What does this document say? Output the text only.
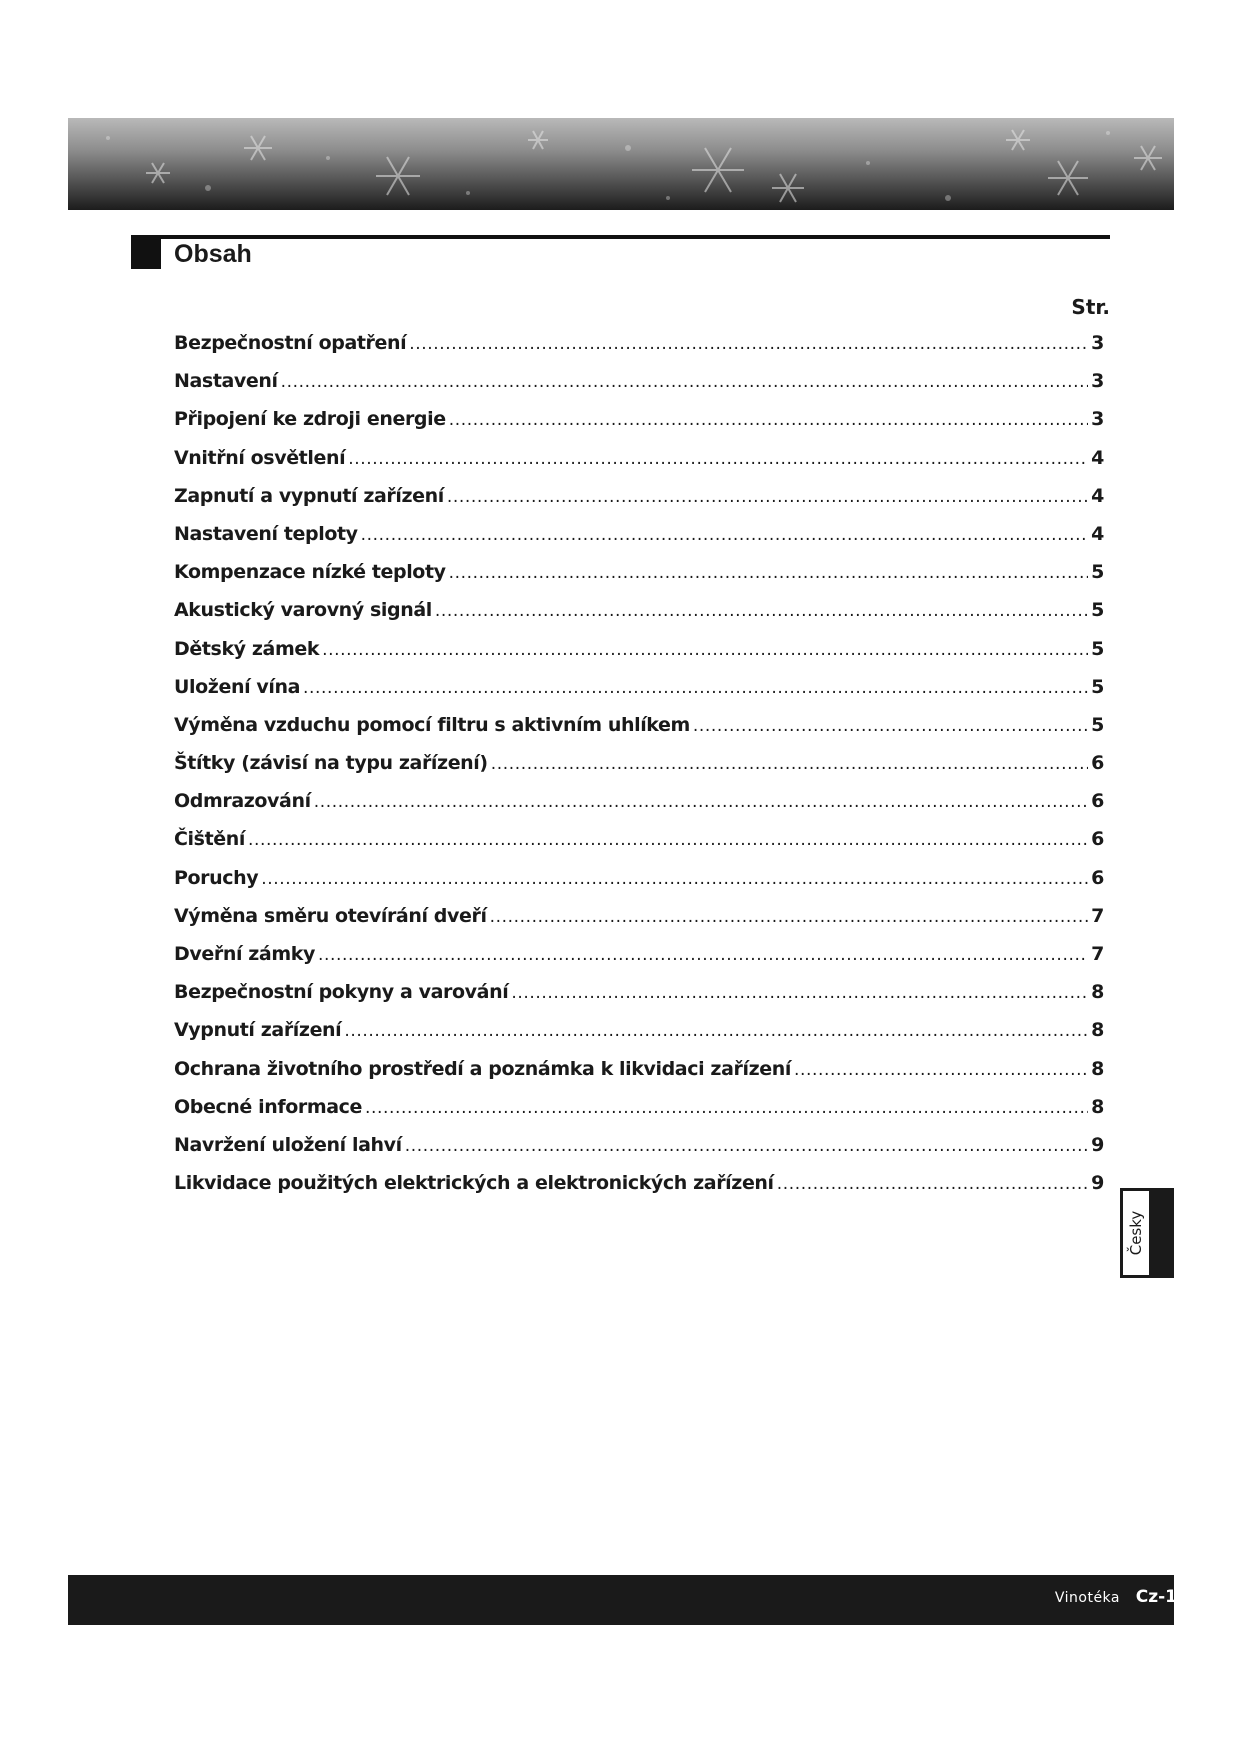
Obsah
Str.
Bezpečnostní opatření .....	3
Nastavení .....	3
Připojení ke zdroji energie .....	3
Vnitřní osvětlení .....	4
Zapnutí a vypnutí zařízení .....	4
Nastavení teploty .....	4
Kompenzace nízké teploty .....	5
Akustický varovný signál .....	5
Dětský zámek .....	5
Uložení vína .....	5
Výměna vzduchu pomocí filtru s aktivním uhlíkem .....	5
Štítky (závisí na typu zařízení) .....	6
Odmrazování .....	6
Čištění .....	6
Poruchy .....	6
Výměna směru otevírání dveří .....	7
Dveřní zámky .....	7
Bezpečnostní pokyny a varování .....	8
Vypnutí zařízení .....	8
Ochrana životního prostředí a poznámka k likvidaci zařízení .....	8
Obecné informace .....	8
Navržení uložení lahví .....	9
Likvidace použitých elektrických a elektronických zařízení .....	9
Česky
Vinotéka Cz-1
